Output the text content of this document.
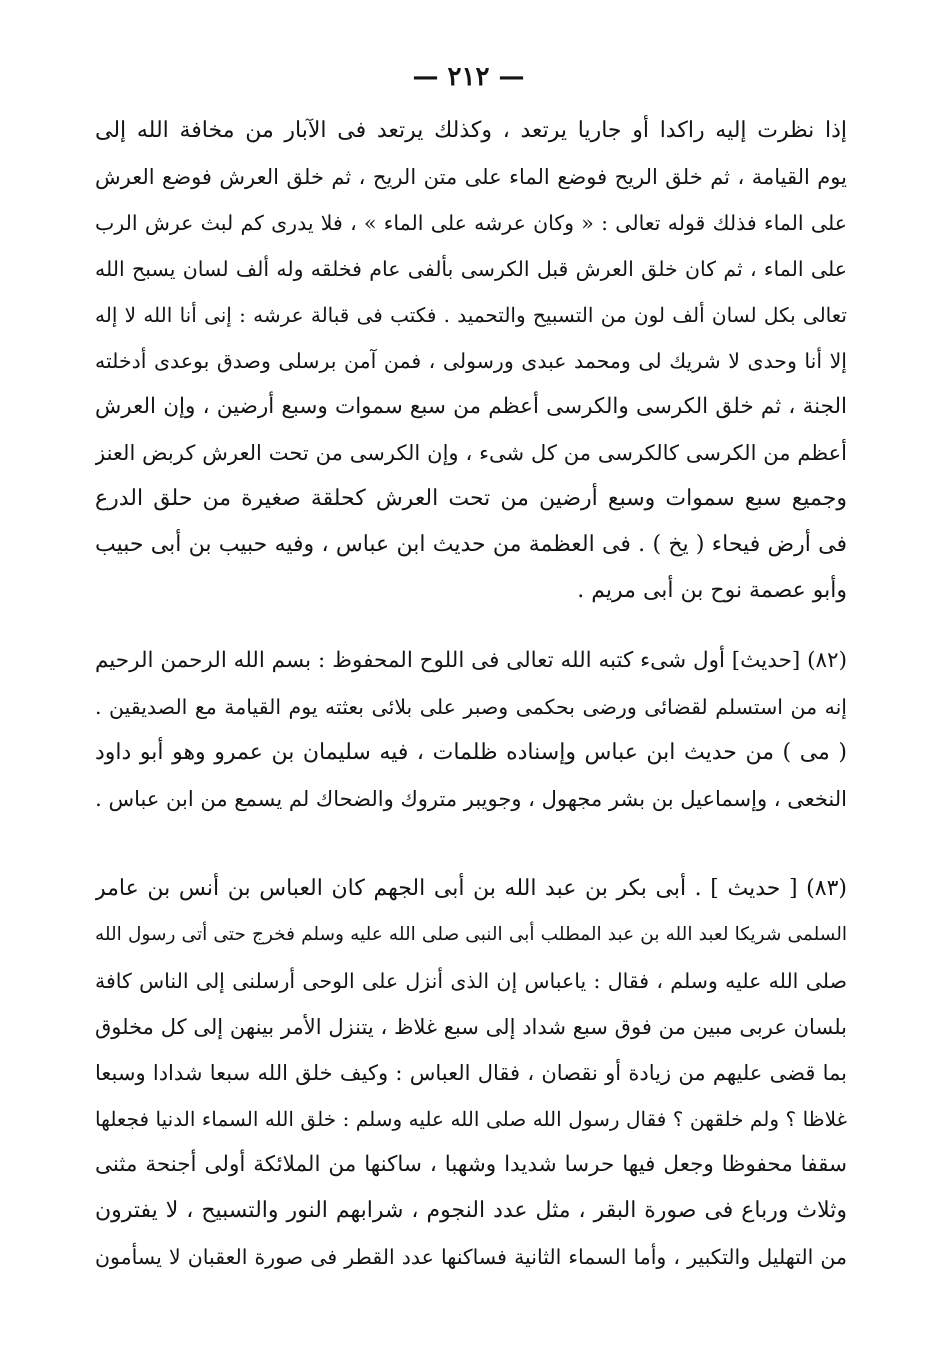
— ٢١٢ —
إذا نظرت إليه راكدا أو جاريا يرتعد ، وكذلك يرتعد فى الآبار من مخافة الله إلى
يوم القيامة ، ثم خلق الريح فوضع الماء على متن الريح ، ثم خلق العرش فوضع العرش
على الماء فذلك قوله تعالى : « وكان عرشه على الماء » ، فلا يدرى كم لبث عرش الرب
على الماء ، ثم كان خلق العرش قبل الكرسى بألفى عام فخلقه وله ألف لسان يسبح الله
تعالى بكل لسان ألف لون من التسبيح والتحميد . فكتب فى قبالة عرشه : إنى أنا الله لا إله
إلا أنا وحدى لا شريك لى ومحمد عبدى ورسولى ، فمن آمن برسلى وصدق بوعدى أدخلته
الجنة ، ثم خلق الكرسى والكرسى أعظم من سبع سموات وسبع أرضين ، وإن العرش
أعظم من الكرسى كالكرسى من كل شىء ، وإن الكرسى من تحت العرش كربض العنز
وجميع سبع سموات وسبع أرضين من تحت العرش كحلقة صغيرة من حلق الدرع
فى أرض فيحاء ( يخ ) . فى العظمة من حديث ابن عباس ، وفيه حبيب بن أبى حبيب
وأبو عصمة نوح بن أبى مريم .
(٨٢) [حديث] أول شىء كتبه الله تعالى فى اللوح المحفوظ : بسم الله الرحمن الرحيم
إنه من استسلم لقضائى ورضى بحكمى وصبر على بلائى بعثته يوم القيامة مع الصديقين .
( مى ) من حديث ابن عباس وإسناده ظلمات ، فيه سليمان بن عمرو وهو أبو داود
النخعى ، وإسماعيل بن بشر مجهول ، وجويبر متروك والضحاك لم يسمع من ابن عباس .
(٨٣) [ حديث ] . أبى بكر بن عبد الله بن أبى الجهم كان العباس بن أنس بن عامر
السلمى شريكا لعبد الله بن عبد المطلب أبى النبى صلى الله عليه وسلم فخرج حتى أتى رسول الله
صلى الله عليه وسلم ، فقال : ياعباس إن الذى أنزل على الوحى أرسلنى إلى الناس كافة
بلسان عربى مبين من فوق سبع شداد إلى سبع غلاظ ، يتنزل الأمر بينهن إلى كل مخلوق
بما قضى عليهم من زيادة أو نقصان ، فقال العباس : وكيف خلق الله سبعا شدادا وسبعا
غلاظا ؟ ولم خلقهن ؟ فقال رسول الله صلى الله عليه وسلم : خلق الله السماء الدنيا فجعلها
سقفا محفوظا وجعل فيها حرسا شديدا وشهبا ، ساكنها من الملائكة أولى أجنحة مثنى
وثلاث ورباع فى صورة البقر ، مثل عدد النجوم ، شرابهم النور والتسبيح ، لا يفترون
من التهليل والتكبير ، وأما السماء الثانية فساكنها عدد القطر فى صورة العقبان لا يسأمون
